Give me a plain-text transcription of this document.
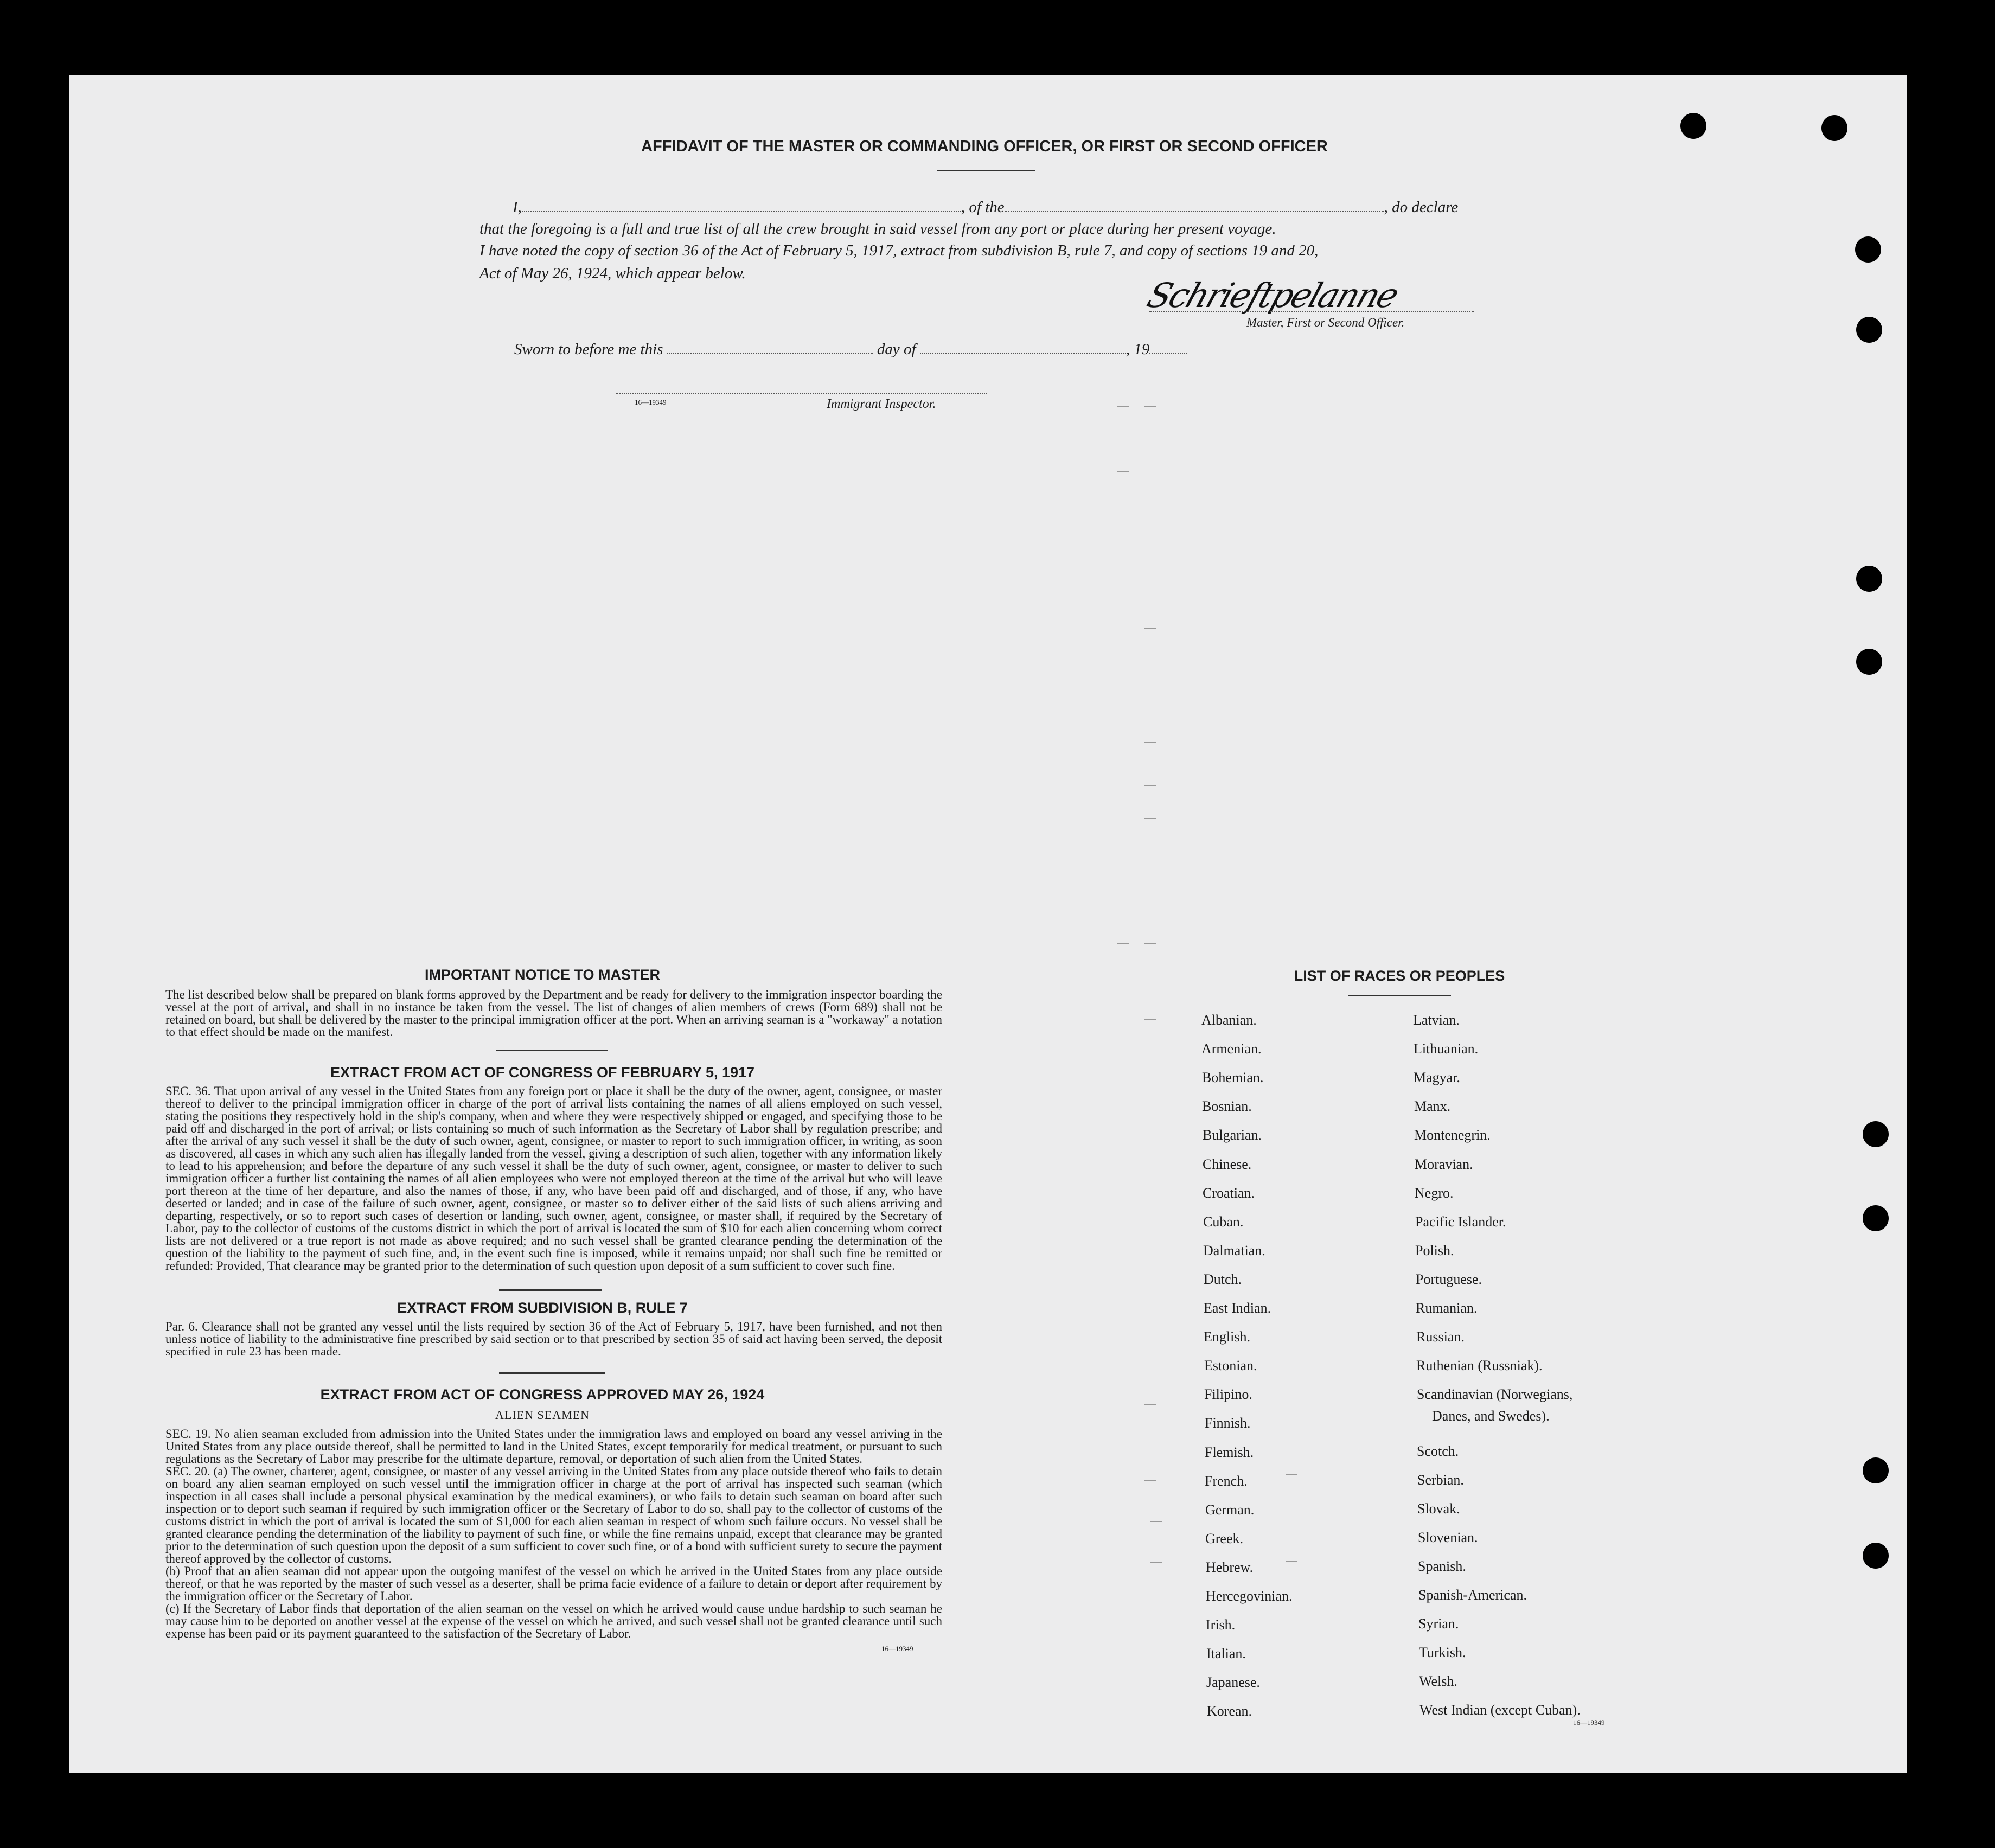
AFFIDAVIT OF THE MASTER OR COMMANDING OFFICER, OR FIRST OR SECOND OFFICER
I,	, of the	, do declare
that the foregoing is a full and true list of all the crew brought in said vessel from any port or place during her present voyage.
I have noted the copy of section 36 of the Act of February 5, 1917, extract from subdivision B, rule 7, and copy of sections 19 and 20,
Act of May 26, 1924, which appear below.
Schrieftpelanne
Master, First or Second Officer.
Sworn to before me this	day of	, 19
16—19349	Immigrant Inspector.
IMPORTANT NOTICE TO MASTER
The list described below shall be prepared on blank forms approved by the Department and be ready for delivery to the immigration inspector boarding the vessel at the port of arrival, and shall in no instance be taken from the vessel. The list of changes of alien members of crews (Form 689) shall not be retained on board, but shall be delivered by the master to the principal immigration officer at the port. When an arriving seaman is a "workaway" a notation to that effect should be made on the manifest.
EXTRACT FROM ACT OF CONGRESS OF FEBRUARY 5, 1917
SEC. 36. That upon arrival of any vessel in the United States from any foreign port or place it shall be the duty of the owner, agent, consignee, or master thereof to deliver to the principal immigration officer in charge of the port of arrival lists containing the names of all aliens employed on such vessel, stating the positions they respectively hold in the ship's company, when and where they were respectively shipped or engaged, and specifying those to be paid off and discharged in the port of arrival; or lists containing so much of such information as the Secretary of Labor shall by regulation prescribe; and after the arrival of any such vessel it shall be the duty of such owner, agent, consignee, or master to report to such immigration officer, in writing, as soon as discovered, all cases in which any such alien has illegally landed from the vessel, giving a description of such alien, together with any information likely to lead to his apprehension; and before the departure of any such vessel it shall be the duty of such owner, agent, consignee, or master to deliver to such immigration officer a further list containing the names of all alien employees who were not employed thereon at the time of the arrival but who will leave port thereon at the time of her departure, and also the names of those, if any, who have been paid off and discharged, and of those, if any, who have deserted or landed; and in case of the failure of such owner, agent, consignee, or master so to deliver either of the said lists of such aliens arriving and departing, respectively, or so to report such cases of desertion or landing, such owner, agent, consignee, or master shall, if required by the Secretary of Labor, pay to the collector of customs of the customs district in which the port of arrival is located the sum of $10 for each alien concerning whom correct lists are not delivered or a true report is not made as above required; and no such vessel shall be granted clearance pending the determination of the question of the liability to the payment of such fine, and, in the event such fine is imposed, while it remains unpaid; nor shall such fine be remitted or refunded: Provided, That clearance may be granted prior to the determination of such question upon deposit of a sum sufficient to cover such fine.
EXTRACT FROM SUBDIVISION B, RULE 7
Par. 6. Clearance shall not be granted any vessel until the lists required by section 36 of the Act of February 5, 1917, have been furnished, and not then unless notice of liability to the administrative fine prescribed by said section or to that prescribed by section 35 of said act having been served, the deposit specified in rule 23 has been made.
EXTRACT FROM ACT OF CONGRESS APPROVED MAY 26, 1924
ALIEN SEAMEN
SEC. 19. No alien seaman excluded from admission into the United States under the immigration laws and employed on board any vessel arriving in the United States from any place outside thereof, shall be permitted to land in the United States, except temporarily for medical treatment, or pursuant to such regulations as the Secretary of Labor may prescribe for the ultimate departure, removal, or deportation of such alien from the United States.
SEC. 20. (a) The owner, charterer, agent, consignee, or master of any vessel arriving in the United States from any place outside thereof who fails to detain on board any alien seaman employed on such vessel until the immigration officer in charge at the port of arrival has inspected such seaman (which inspection in all cases shall include a personal physical examination by the medical examiners), or who fails to detain such seaman on board after such inspection or to deport such seaman if required by such immigration officer or the Secretary of Labor to do so, shall pay to the collector of customs of the customs district in which the port of arrival is located the sum of $1,000 for each alien seaman in respect of whom such failure occurs. No vessel shall be granted clearance pending the determination of the liability to payment of such fine, or while the fine remains unpaid, except that clearance may be granted prior to the determination of such question upon the deposit of a sum sufficient to cover such fine, or of a bond with sufficient surety to secure the payment thereof approved by the collector of customs.
(b) Proof that an alien seaman did not appear upon the outgoing manifest of the vessel on which he arrived in the United States from any place outside thereof, or that he was reported by the master of such vessel as a deserter, shall be prima facie evidence of a failure to detain or deport after requirement by the immigration officer or the Secretary of Labor.
(c) If the Secretary of Labor finds that deportation of the alien seaman on the vessel on which he arrived would cause undue hardship to such seaman he may cause him to be deported on another vessel at the expense of the vessel on which he arrived, and such vessel shall not be granted clearance until such expense has been paid or its payment guaranteed to the satisfaction of the Secretary of Labor.
16—19349
LIST OF RACES OR PEOPLES
Albanian.
Armenian.
Bohemian.
Bosnian.
Bulgarian.
Chinese.
Croatian.
Cuban.
Dalmatian.
Dutch.
East Indian.
English.
Estonian.
Filipino.
Finnish.
Flemish.
French.
German.
Greek.
Hebrew.
Hercegovinian.
Irish.
Italian.
Japanese.
Korean.
Latvian.
Lithuanian.
Magyar.
Manx.
Montenegrin.
Moravian.
Negro.
Pacific Islander.
Polish.
Portuguese.
Rumanian.
Russian.
Ruthenian (Russniak).
Scandinavian (Norwegians,
Scotch.
Serbian.
Slovak.
Slovenian.
Spanish.
Spanish-American.
Syrian.
Turkish.
Welsh.
West Indian (except Cuban).
Danes, and Swedes).
16—19349
